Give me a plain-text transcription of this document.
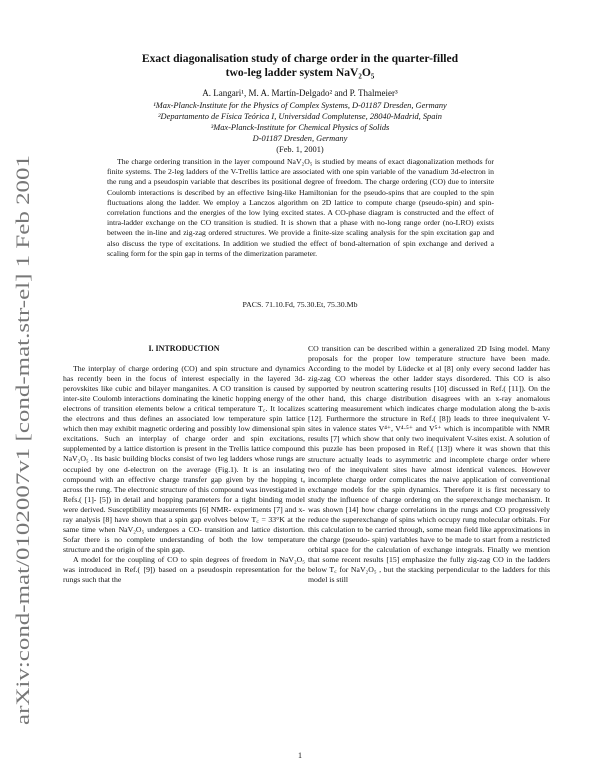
arXiv:cond-mat/0102007v1 [cond-mat.str-el] 1 Feb 2001
Exact diagonalisation study of charge order in the quarter-filled
two-leg ladder system NaV₂O₅
A. Langari¹, M. A. Martín-Delgado² and P. Thalmeier³
¹Max-Planck-Institute for the Physics of Complex Systems, D-01187 Dresden, Germany
²Departamento de Física Teórica I, Universidad Complutense, 28040-Madrid, Spain
³Max-Planck-Institute for Chemical Physics of Solids
D-01187 Dresden, Germany
(Feb. 1, 2001)
The charge ordering transition in the layer compound NaV₂O₅ is studied by means of exact diagonalization methods for finite systems. The 2-leg ladders of the V-Trellis lattice are associated with one spin variable of the vanadium 3d-electron in the rung and a pseudospin variable that describes its positional degree of freedom. The charge ordering (CO) due to intersite Coulomb interactions is described by an effective Ising-like Hamiltonian for the pseudo-spins that are coupled to the spin fluctuations along the ladder. We employ a Lanczos algorithm on 2D lattice to compute charge (pseudo-spin) and spin-correlation functions and the energies of the low lying excited states. A CO-phase diagram is constructed and the effect of intra-ladder exchange on the CO transition is studied. It is shown that a phase with no-long range order (no-LRO) exists between the in-line and zig-zag ordered structures. We provide a finite-size scaling analysis for the spin excitation gap and also discuss the type of excitations. In addition we studied the effect of bond-alternation of spin exchange and derived a scaling form for the spin gap in terms of the dimerization parameter.
PACS. 71.10.Fd, 75.30.Et, 75.30.Mb
I. INTRODUCTION

The interplay of charge ordering (CO) and spin structure and dynamics has recently been in the focus of interest especially in the layered 3d-perovskites like cubic and bilayer manganites. A CO transition is caused by inter-site Coulomb interactions dominating the kinetic hopping energy of the electrons of transition elements below a critical temperature T꜀. It localizes the electrons and thus defines an associated low temperature spin lattice which then may exhibit magnetic ordering and possibly low dimensional spin excitations. Such an interplay of charge order and spin excitations, supplemented by a lattice distortion is present in the Trellis lattice compound NaV₂O₅ . Its basic building blocks consist of two leg ladders whose rungs are occupied by one d-electron on the average (Fig.1). It is an insulating compound with an effective charge transfer gap given by the hopping tₐ across the rung. The electronic structure of this compound was investigated in Refs.( [1]- [5]) in detail and hopping parameters for a tight binding model were derived. Susceptibility measurements [6] NMR- experiments [7] and x-ray analysis [8] have shown that a spin gap evolves below T꜀ = 33°K at the same time when NaV₂O₅ undergoes a CO- transition and lattice distortion. Sofar there is no complete understanding of both the low temperature structure and the origin of the spin gap.

A model for the coupling of CO to spin degrees of freedom in NaV₂O₅ was introduced in Ref.( [9]) based on a pseudospin representation for the rungs such that the

CO transition can be described within a generalized 2D Ising model. Many proposals for the proper low temperature structure have been made. According to the model by Lüdecke et al [8] only every second ladder has zig-zag CO whereas the other ladder stays disordered. This CO is also supported by neutron scattering results [10] discussed in Ref.( [11]). On the other hand, this charge distribution disagrees with an x-ray anomalous scattering measurement which indicates charge modulation along the b-axis [12]. Furthermore the structure in Ref.( [8]) leads to three inequivalent V- sites in valence states V⁴⁺, V⁴·⁵⁺ and V⁵⁺ which is incompatible with NMR results [7] which show that only two inequivalent V-sites exist. A solution of this puzzle has been proposed in Ref.( [13]) where it was shown that this structure actually leads to asymmetric and incomplete charge order where two of the inequivalent sites have almost identical valences. However incomplete charge order complicates the naive application of conventional exchange models for the spin dynamics. Therefore it is first necessary to study the influence of charge ordering on the superexchange mechanism. It was shown [14] how charge correlations in the rungs and CO progressively reduce the superexchange of spins which occupy rung molecular orbitals. For this calculation to be carried through, some mean field like approximations in the charge (pseudo- spin) variables have to be made to start from a restricted orbital space for the calculation of exchange integrals. Finally we mention that some recent results [15] emphasize the fully zig-zag CO in the ladders below T꜀ for NaV₂O₅ , but the stacking perpendicular to the ladders for this model is still

1
